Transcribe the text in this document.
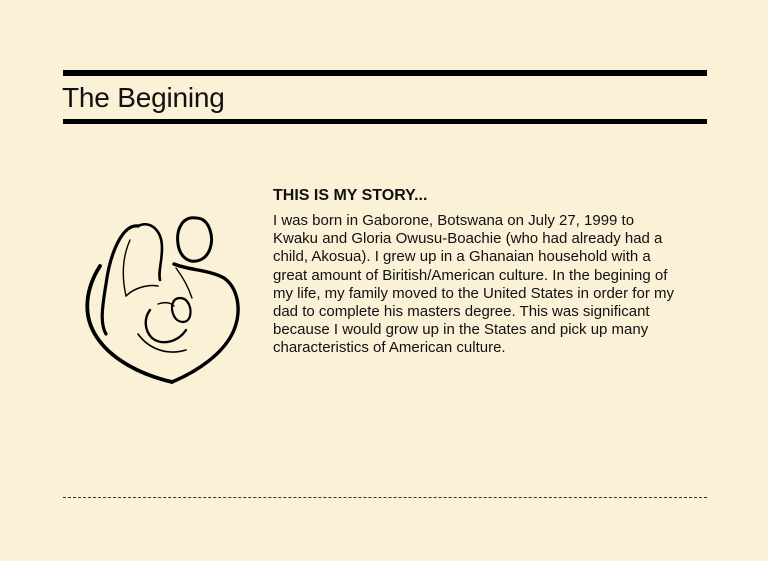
The Begining
THIS IS MY STORY...

I was born in Gaborone, Botswana on July 27, 1999 to Kwaku and Gloria Owusu-Boachie (who had already had a child, Akosua). I grew up in a Ghanaian household with a great amount of Biritish/American culture. In the begining of my life, my family moved to the United States in order for my dad to complete his masters degree. This was significant because I would grow up in the States and pick up many characteristics of American culture.
